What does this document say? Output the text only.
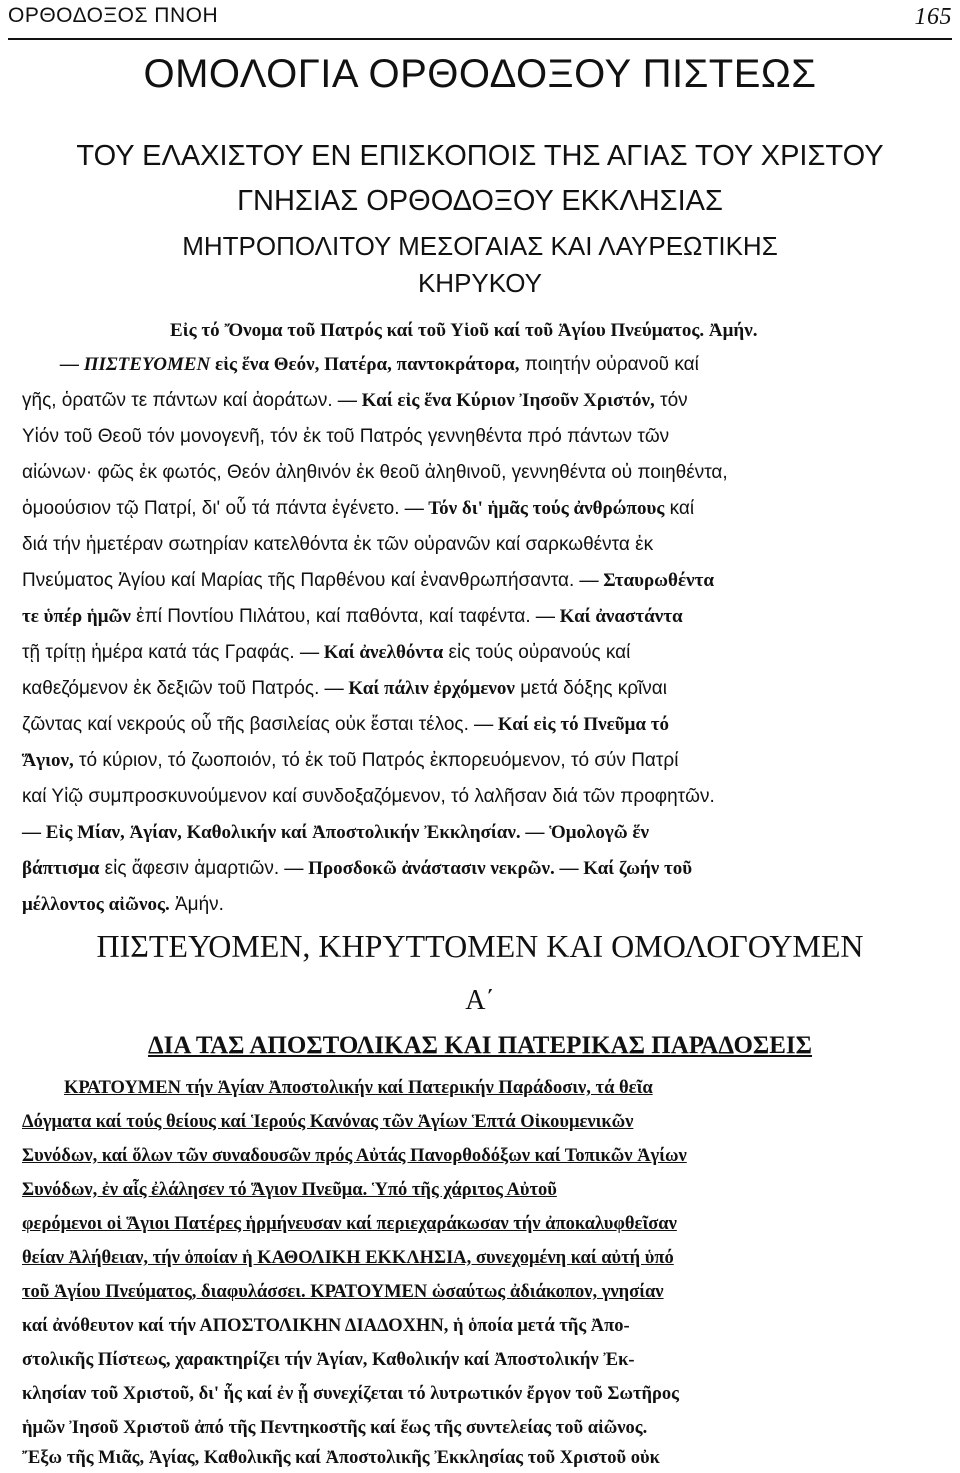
ΟΡΘΟΔΟΞΟΣ ΠΝΟΗ	165
ΟΜΟΛΟΓΙΑ ΟΡΘΟΔΟΞΟΥ ΠΙΣΤΕΩΣ
ΤΟΥ ΕΛΑΧΙΣΤΟΥ ΕΝ ΕΠΙΣΚΟΠΟΙΣ ΤΗΣ ΑΓΙΑΣ ΤΟΥ ΧΡΙΣΤΟΥ
ΓΝΗΣΙΑΣ ΟΡΘΟΔΟΞΟΥ ΕΚΚΛΗΣΙΑΣ
ΜΗΤΡΟΠΟΛΙΤΟΥ ΜΕΣΟΓΑΙΑΣ ΚΑΙ ΛΑΥΡΕΩΤΙΚΗΣ
ΚΗΡΥΚΟΥ
Εἰς τό Ὄνομα τοῦ Πατρός καί τοῦ Υἱοῦ καί τοῦ Ἁγίου Πνεύματος. Ἀμήν.
— ΠΙΣΤΕΥΟΜΕΝ εἰς ἕνα Θεόν, Πατέρα, παντοκράτορα, ποιητήν οὐρανοῦ καί
γῆς, ὁρατῶν τε πάντων καί ἀοράτων. — Καί εἰς ἕνα Κύριον Ἰησοῦν Χριστόν, τόν
Υἱόν τοῦ Θεοῦ τόν μονογενῆ, τόν ἐκ τοῦ Πατρός γεννηθέντα πρό πάντων τῶν
αἰώνων· φῶς ἐκ φωτός, Θεόν ἀληθινόν ἐκ θεοῦ ἀληθινοῦ, γεννηθέντα οὐ ποιηθέντα,
ὁμοούσιον τῷ Πατρί, δι' οὗ τά πάντα ἐγένετο. — Τόν δι' ἡμᾶς τούς ἀνθρώπους καί
διά τήν ἡμετέραν σωτηρίαν κατελθόντα ἐκ τῶν οὐρανῶν καί σαρκωθέντα ἐκ
Πνεύματος Ἁγίου καί Μαρίας τῆς Παρθένου καί ἐνανθρωπήσαντα. — Σταυρωθέντα
τε ὑπέρ ἡμῶν ἐπί Ποντίου Πιλάτου, καί παθόντα, καί ταφέντα. — Καί ἀναστάντα
τῇ τρίτῃ ἡμέρα κατά τάς Γραφάς. — Καί ἀνελθόντα εἰς τούς οὐρανούς καί
καθεζόμενον ἐκ δεξιῶν τοῦ Πατρός. — Καί πάλιν ἐρχόμενον μετά δόξης κρῖναι
ζῶντας καί νεκρούς οὗ τῆς βασιλείας οὐκ ἔσται τέλος. — Καί εἰς τό Πνεῦμα τό
Ἅγιον, τό κύριον, τό ζωοποιόν, τό ἐκ τοῦ Πατρός ἐκπορευόμενον, τό σύν Πατρί
καί Υἱῷ συμπροσκυνούμενον καί συνδοξαζόμενον, τό λαλῆσαν διά τῶν προφητῶν.
— Εἰς Μίαν, Ἁγίαν, Καθολικήν καί Ἀποστολικήν Ἐκκλησίαν. — Ὁμολογῶ ἕν
βάπτισμα εἰς ἄφεσιν ἁμαρτιῶν. — Προσδοκῶ ἀνάστασιν νεκρῶν. — Καί ζωήν τοῦ
μέλλοντος αἰῶνος. Ἀμήν.
ΠΙΣΤΕΥΟΜΕΝ, ΚΗΡΥΤΤΟΜΕΝ ΚΑΙ ΟΜΟΛΟΓΟΥΜΕΝ
Α΄
ΔΙΑ ΤΑΣ ΑΠΟΣΤΟΛΙΚΑΣ ΚΑΙ ΠΑΤΕΡΙΚΑΣ ΠΑΡΑΔΟΣΕΙΣ
ΚΡΑΤΟΥΜΕΝ τήν Ἁγίαν Ἀποστολικήν καί Πατερικήν Παράδοσιν, τά θεῖα
Δόγματα καί τούς θείους καί Ἱερούς Κανόνας τῶν Ἁγίων Ἑπτά Οἰκουμενικῶν
Συνόδων, καί ὅλων τῶν συναδουσῶν πρός Αὐτάς Πανορθοδόξων καί Τοπικῶν Ἁγίων
Συνόδων, ἐν αἷς ἐλάλησεν τό Ἅγιον Πνεῦμα. Ὑπό τῆς χάριτος Αὐτοῦ
φερόμενοι οἱ Ἅγιοι Πατέρες ἡρμήνευσαν καί περιεχαράκωσαν τήν ἀποκαλυφθεῖσαν
θείαν Ἀλήθειαν, τήν ὁποίαν ἡ ΚΑΘΟΛΙΚΗ ΕΚΚΛΗΣΙΑ, συνεχομένη καί αὐτή ὑπό
τοῦ Ἁγίου Πνεύματος, διαφυλάσσει. ΚΡΑΤΟΥΜΕΝ ὡσαύτως ἀδιάκοπον, γνησίαν
καί ἀνόθευτον καί τήν ΑΠΟΣΤΟΛΙΚΗΝ ΔΙΑΔΟΧΗΝ, ἡ ὁποία μετά τῆς Ἀπο-
στολικῆς Πίστεως, χαρακτηρίζει τήν Ἁγίαν, Καθολικήν καί Ἀποστολικήν Ἐκ-
κλησίαν τοῦ Χριστοῦ, δι' ἧς καί ἐν ᾗ συνεχίζεται τό λυτρωτικόν ἔργον τοῦ Σωτῆρος
ἡμῶν Ἰησοῦ Χριστοῦ ἀπό τῆς Πεντηκοστῆς καί ἕως τῆς συντελείας τοῦ αἰῶνος.
Ἔξω τῆς Μιᾶς, Ἁγίας, Καθολικῆς καί Ἀποστολικῆς Ἐκκλησίας τοῦ Χριστοῦ οὐκ
